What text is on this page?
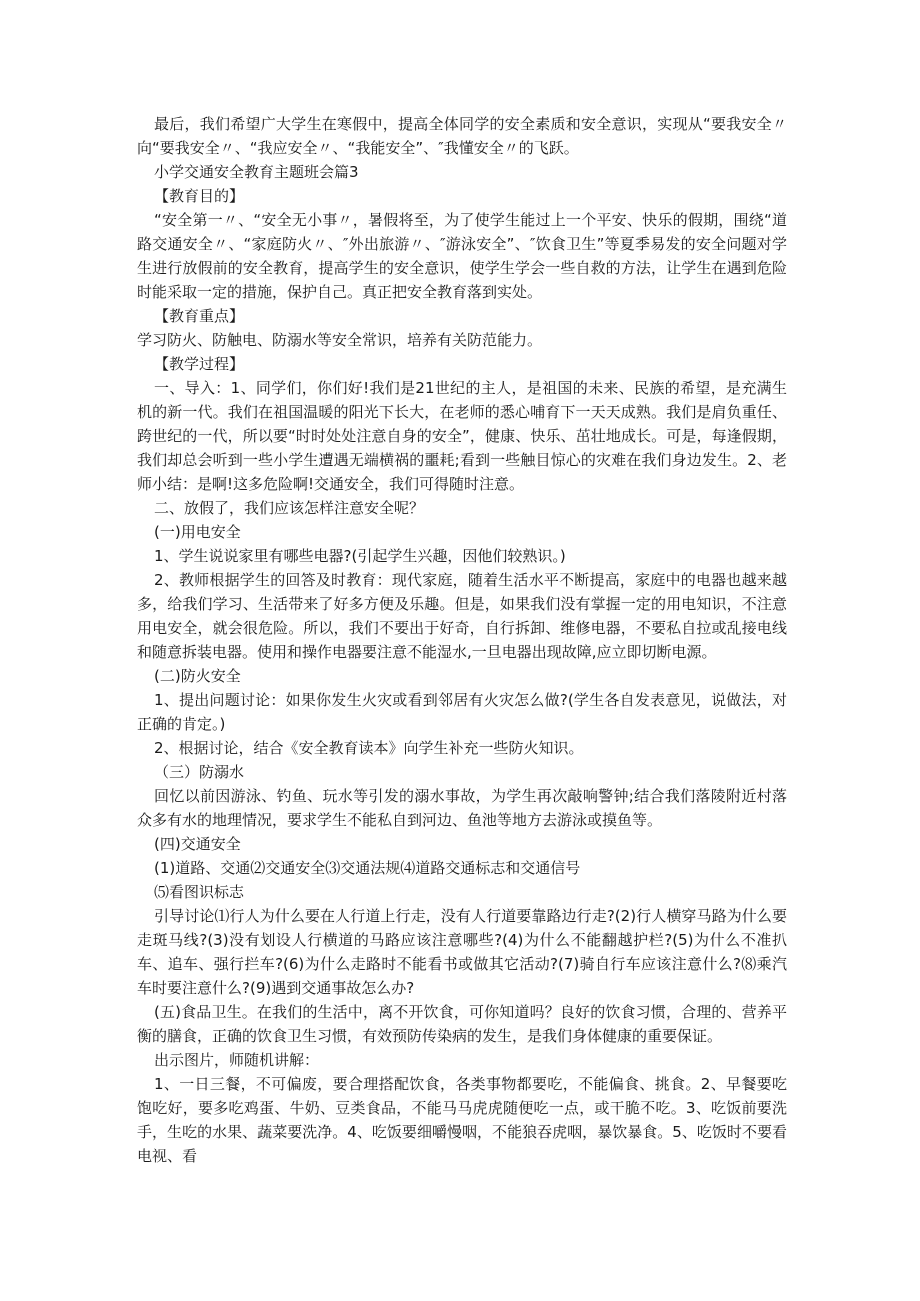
最后，我们希望广大学生在寒假中，提高全体同学的安全素质和安全意识，实现从“要我安全〃向“要我安全〃、“我应安全〃、“我能安全”、″我懂安全〃的飞跃。

小学交通安全教育主题班会篇3

【教育目的】

“安全第一〃、“安全无小事〃，暑假将至，为了使学生能过上一个平安、快乐的假期，围绕“道路交通安全〃、“家庭防火〃、″外出旅游〃、″游泳安全”、″饮食卫生”等夏季易发的安全问题对学生进行放假前的安全教育，提高学生的安全意识，使学生学会一些自救的方法，让学生在遇到危险时能采取一定的措施，保护自己。真正把安全教育落到实处。

【教育重点】

学习防火、防触电、防溺水等安全常识，培养有关防范能力。

【教学过程】

一、导入：1、同学们，你们好!我们是21世纪的主人，是祖国的未来、民族的希望，是充满生机的新一代。我们在祖国温暖的阳光下长大，在老师的悉心哺育下一天天成熟。我们是肩负重任、跨世纪的一代，所以要“时时处处注意自身的安全”，健康、快乐、茁壮地成长。可是，每逢假期，我们却总会听到一些小学生遭遇无端横祸的噩耗;看到一些触目惊心的灾难在我们身边发生。2、老师小结：是啊!这多危险啊!交通安全，我们可得随时注意。

二、放假了，我们应该怎样注意安全呢？

(一)用电安全

1、学生说说家里有哪些电器?(引起学生兴趣，因他们较熟识。)

2、教师根据学生的回答及时教育：现代家庭，随着生活水平不断提高，家庭中的电器也越来越多，给我们学习、生活带来了好多方便及乐趣。但是，如果我们没有掌握一定的用电知识，不注意用电安全，就会很危险。所以，我们不要出于好奇，自行拆卸、维修电器，不要私自拉或乱接电线和随意拆装电器。使用和操作电器要注意不能湿水,一旦电器出现故障,应立即切断电源。

(二)防火安全

1、提出问题讨论：如果你发生火灾或看到邻居有火灾怎么做?(学生各自发表意见，说做法，对正确的肯定。)

2、根据讨论，结合《安全教育读本》向学生补充一些防火知识。

（三）防溺水

回忆以前因游泳、钓鱼、玩水等引发的溺水事故，为学生再次敲响警钟;结合我们落陵附近村落众多有水的地理情况，要求学生不能私自到河边、鱼池等地方去游泳或摸鱼等。

(四)交通安全

(1)道路、交通⑵交通安全⑶交通法规⑷道路交通标志和交通信号

⑸看图识标志

引导讨论⑴行人为什么要在人行道上行走，没有人行道要靠路边行走?(2)行人横穿马路为什么要走斑马线?(3)没有划设人行横道的马路应该注意哪些?(4)为什么不能翻越护栏?(5)为什么不准扒车、追车、强行拦车?(6)为什么走路时不能看书或做其它活动?(7)骑自行车应该注意什么?⑻乘汽车时要注意什么?(9)遇到交通事故怎么办?

(五)食品卫生。在我们的生活中，离不开饮食，可你知道吗？良好的饮食习惯，合理的、营养平衡的膳食，正确的饮食卫生习惯，有效预防传染病的发生，是我们身体健康的重要保证。

出示图片，师随机讲解：

1、一日三餐，不可偏废，要合理搭配饮食，各类事物都要吃，不能偏食、挑食。2、早餐要吃饱吃好，要多吃鸡蛋、牛奶、豆类食品，不能马马虎虎随便吃一点，或干脆不吃。3、吃饭前要洗手，生吃的水果、蔬菜要洗净。4、吃饭要细嚼慢咽，不能狼吞虎咽，暴饮暴食。5、吃饭时不要看电视、看
